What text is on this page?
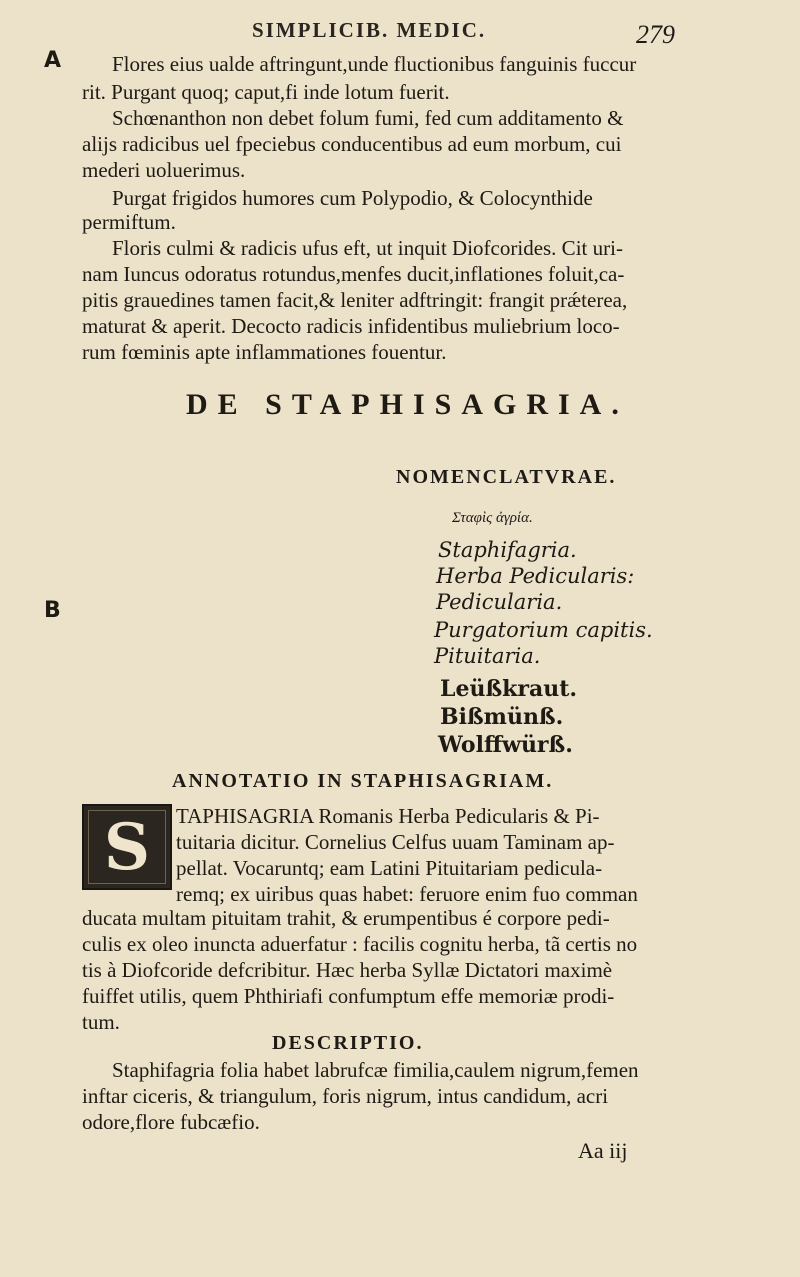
SIMPLICIB. MEDIC.	279
A
B
Flores eius ualde aftringunt,unde fluctionibus fanguinis fuccur
rit. Purgant quoq; caput,fi inde lotum fuerit.
Schœnanthon non debet folum fumi, fed cum additamento &
alijs radicibus uel fpeciebus conducentibus ad eum morbum, cui
mederi uoluerimus.
Purgat frigidos humores cum Polypodio, & Colocynthide
permiftum.
Floris culmi & radicis ufus eft, ut inquit Diofcorides. Cit uri-
nam Iuncus odoratus rotundus,menfes ducit,inflationes foluit,ca-
pitis grauedines tamen facit,& leniter adftringit: frangit prǽterea,
maturat & aperit. Decocto radicis infidentibus muliebrium loco-
rum fœminis apte inflammationes fouentur.
DE STAPHISAGRIA.
NOMENCLATVRAE.
Σταφὶς ἀγρία.
Staphifagria.
Herba Pedicularis:
Pedicularia.
Purgatorium capitis.
Pituitaria.
Leüßkraut.
Bißmünß.
Wolffwürß.
ANNOTATIO IN STAPHISAGRIAM.
S TAPHISAGRIA Romanis Herba Pedicularis & Pi-
tuitaria dicitur. Cornelius Celfus uuam Taminam ap-
pellat. Vocaruntq; eam Latini Pituitariam pedicula-
remq; ex uiribus quas habet: feruore enim fuo comman
ducata multam pituitam trahit, & erumpentibus é corpore pedi-
culis ex oleo inuncta aduerfatur : facilis cognitu herba, tã certis no
tis à Diofcoride defcribitur. Hæc herba Syllæ Dictatori maximè
fuiffet utilis, quem Phthiriafi confumptum effe memoriæ prodi-
tum.
DESCRIPTIO.
Staphifagria folia habet labrufcæ fimilia,caulem nigrum,femen
inftar ciceris, & triangulum, foris nigrum, intus candidum, acri
odore,flore fubcæfio.
Aa iij
